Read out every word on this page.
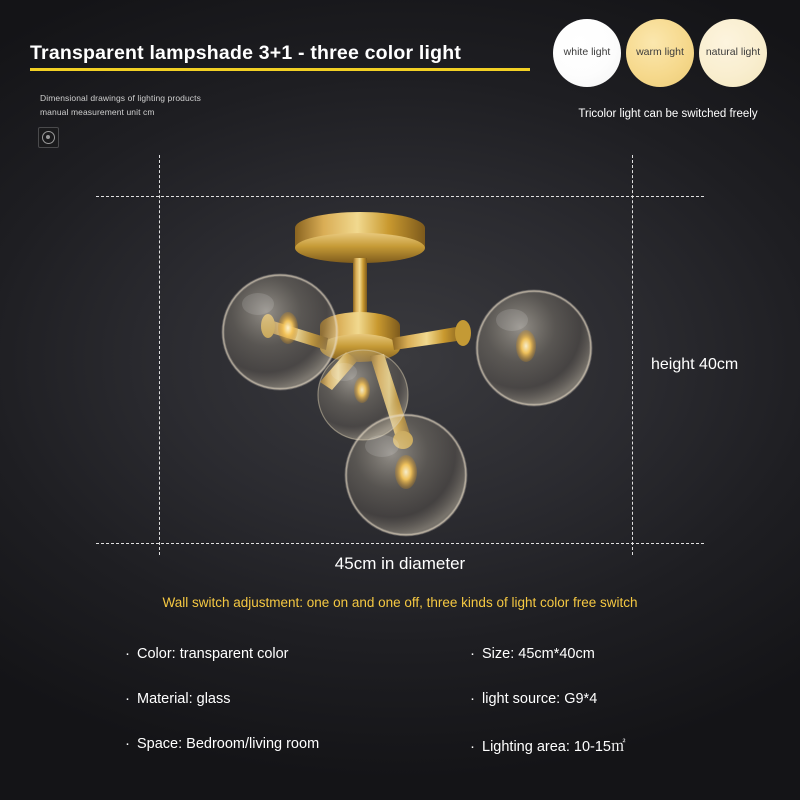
Transparent lampshade 3+1 - three color light
Dimensional drawings of lighting products
manual measurement unit cm
white light warm light natural light
Tricolor light can be switched freely
height 40cm
45cm in diameter
Wall switch adjustment: one on and one off, three kinds of light color free switch
· Color: transparent color
· Material: glass
· Space: Bedroom/living room
· Size: 45cm*40cm
· light source: G9*4
· Lighting area: 10-15㎡
